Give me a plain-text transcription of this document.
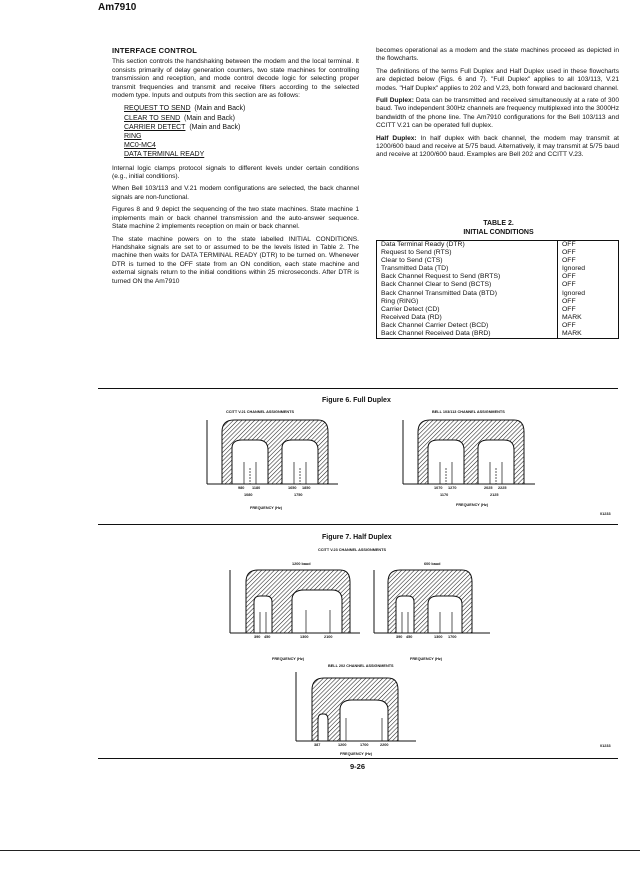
Am7910
INTERFACE CONTROL

This section controls the handshaking between the modem and the local terminal. It consists primarily of delay generation counters, two state machines for controlling transmission and reception, and mode control decode logic for selecting proper transmit frequencies and transmit and receive filters according to the selected modem type. Inputs and outputs from this section are as follows:

REQUEST TO SEND (Main and Back)
CLEAR TO SEND (Main and Back)
CARRIER DETECT (Main and Back)
RING
MC0-MC4
DATA TERMINAL READY

Internal logic clamps protocol signals to different levels under certain conditions (e.g., initial conditions).

When Bell 103/113 and V.21 modem configurations are selected, the back channel signals are non-functional.

Figures 8 and 9 depict the sequencing of the two state machines. State machine 1 implements main or back channel transmission and the auto-answer sequence. State machine 2 implements reception on main or back channel.

The state machine powers on to the state labelled INITIAL CONDITIONS. Handshake signals are set to or assumed to be the levels listed in Table 2. The machine then waits for DATA TERMINAL READY (DTR) to be turned on. Whenever DTR is turned to the OFF state from an ON condition, each state machine and external signals return to the initial conditions within 25 microseconds. After DTR is turned ON the Am7910

becomes operational as a modem and the state machines proceed as depicted in the flowcharts.

The definitions of the terms Full Duplex and Half Duplex used in these flowcharts are depicted below (Figs. 6 and 7). "Full Duplex" applies to all 103/113, V.21 modes. "Half Duplex" applies to 202 and V.23, both forward and backward channel.

Full Duplex: Data can be transmitted and received simultaneously at a rate of 300 baud. Two independent 300Hz channels are frequency multiplexed into the 3000Hz bandwidth of the phone line. The Am7910 configurations for the Bell 103/113 and CCITT V.21 can be operated full duplex.

Half Duplex: In half duplex with back channel, the modem may transmit at 1200/600 baud and receive at 5/75 baud. Alternatively, it may transmit at 5/75 baud and receive at 1200/600 baud. Examples are Bell 202 and CCITT V.23.

TABLE 2.
INITIAL CONDITIONS
Data Terminal Ready (DTR)	OFF
Request to Send (RTS)	OFF
Clear to Send (CTS)	OFF
Transmitted Data (TD)	Ignored
Back Channel Request to Send (BRTS)	OFF
Back Channel Clear to Send (BCTS)	OFF
Back Channel Transmitted Data (BTD)	Ignored
Ring (RING)	OFF
Carrier Detect (CD)	OFF
Received Data (RD)	MARK
Back Channel Carrier Detect (BCD)	OFF
Back Channel Received Data (BRD)	MARK
Figure 6. Full Duplex
CCITT V.21 CHANNEL ASSIGNMENTS	BELL 103/113 CHANNEL ASSIGNMENTS
980 1180	1650 1850
1080	1750
FREQUENCY (Hz)
1070 1270	2025 2225
1170	2125
FREQUENCY (Hz)
01233
Figure 7. Half Duplex
CCITT V.23 CHANNEL ASSIGNMENTS
1200 baud	600 baud
390 450	1300	2100
FREQUENCY (Hz)
390 450	1300 1700
FREQUENCY (Hz)
BELL 202 CHANNEL ASSIGNMENTS
387	1200	1700	2200
FREQUENCY (Hz)
01233
9-26
